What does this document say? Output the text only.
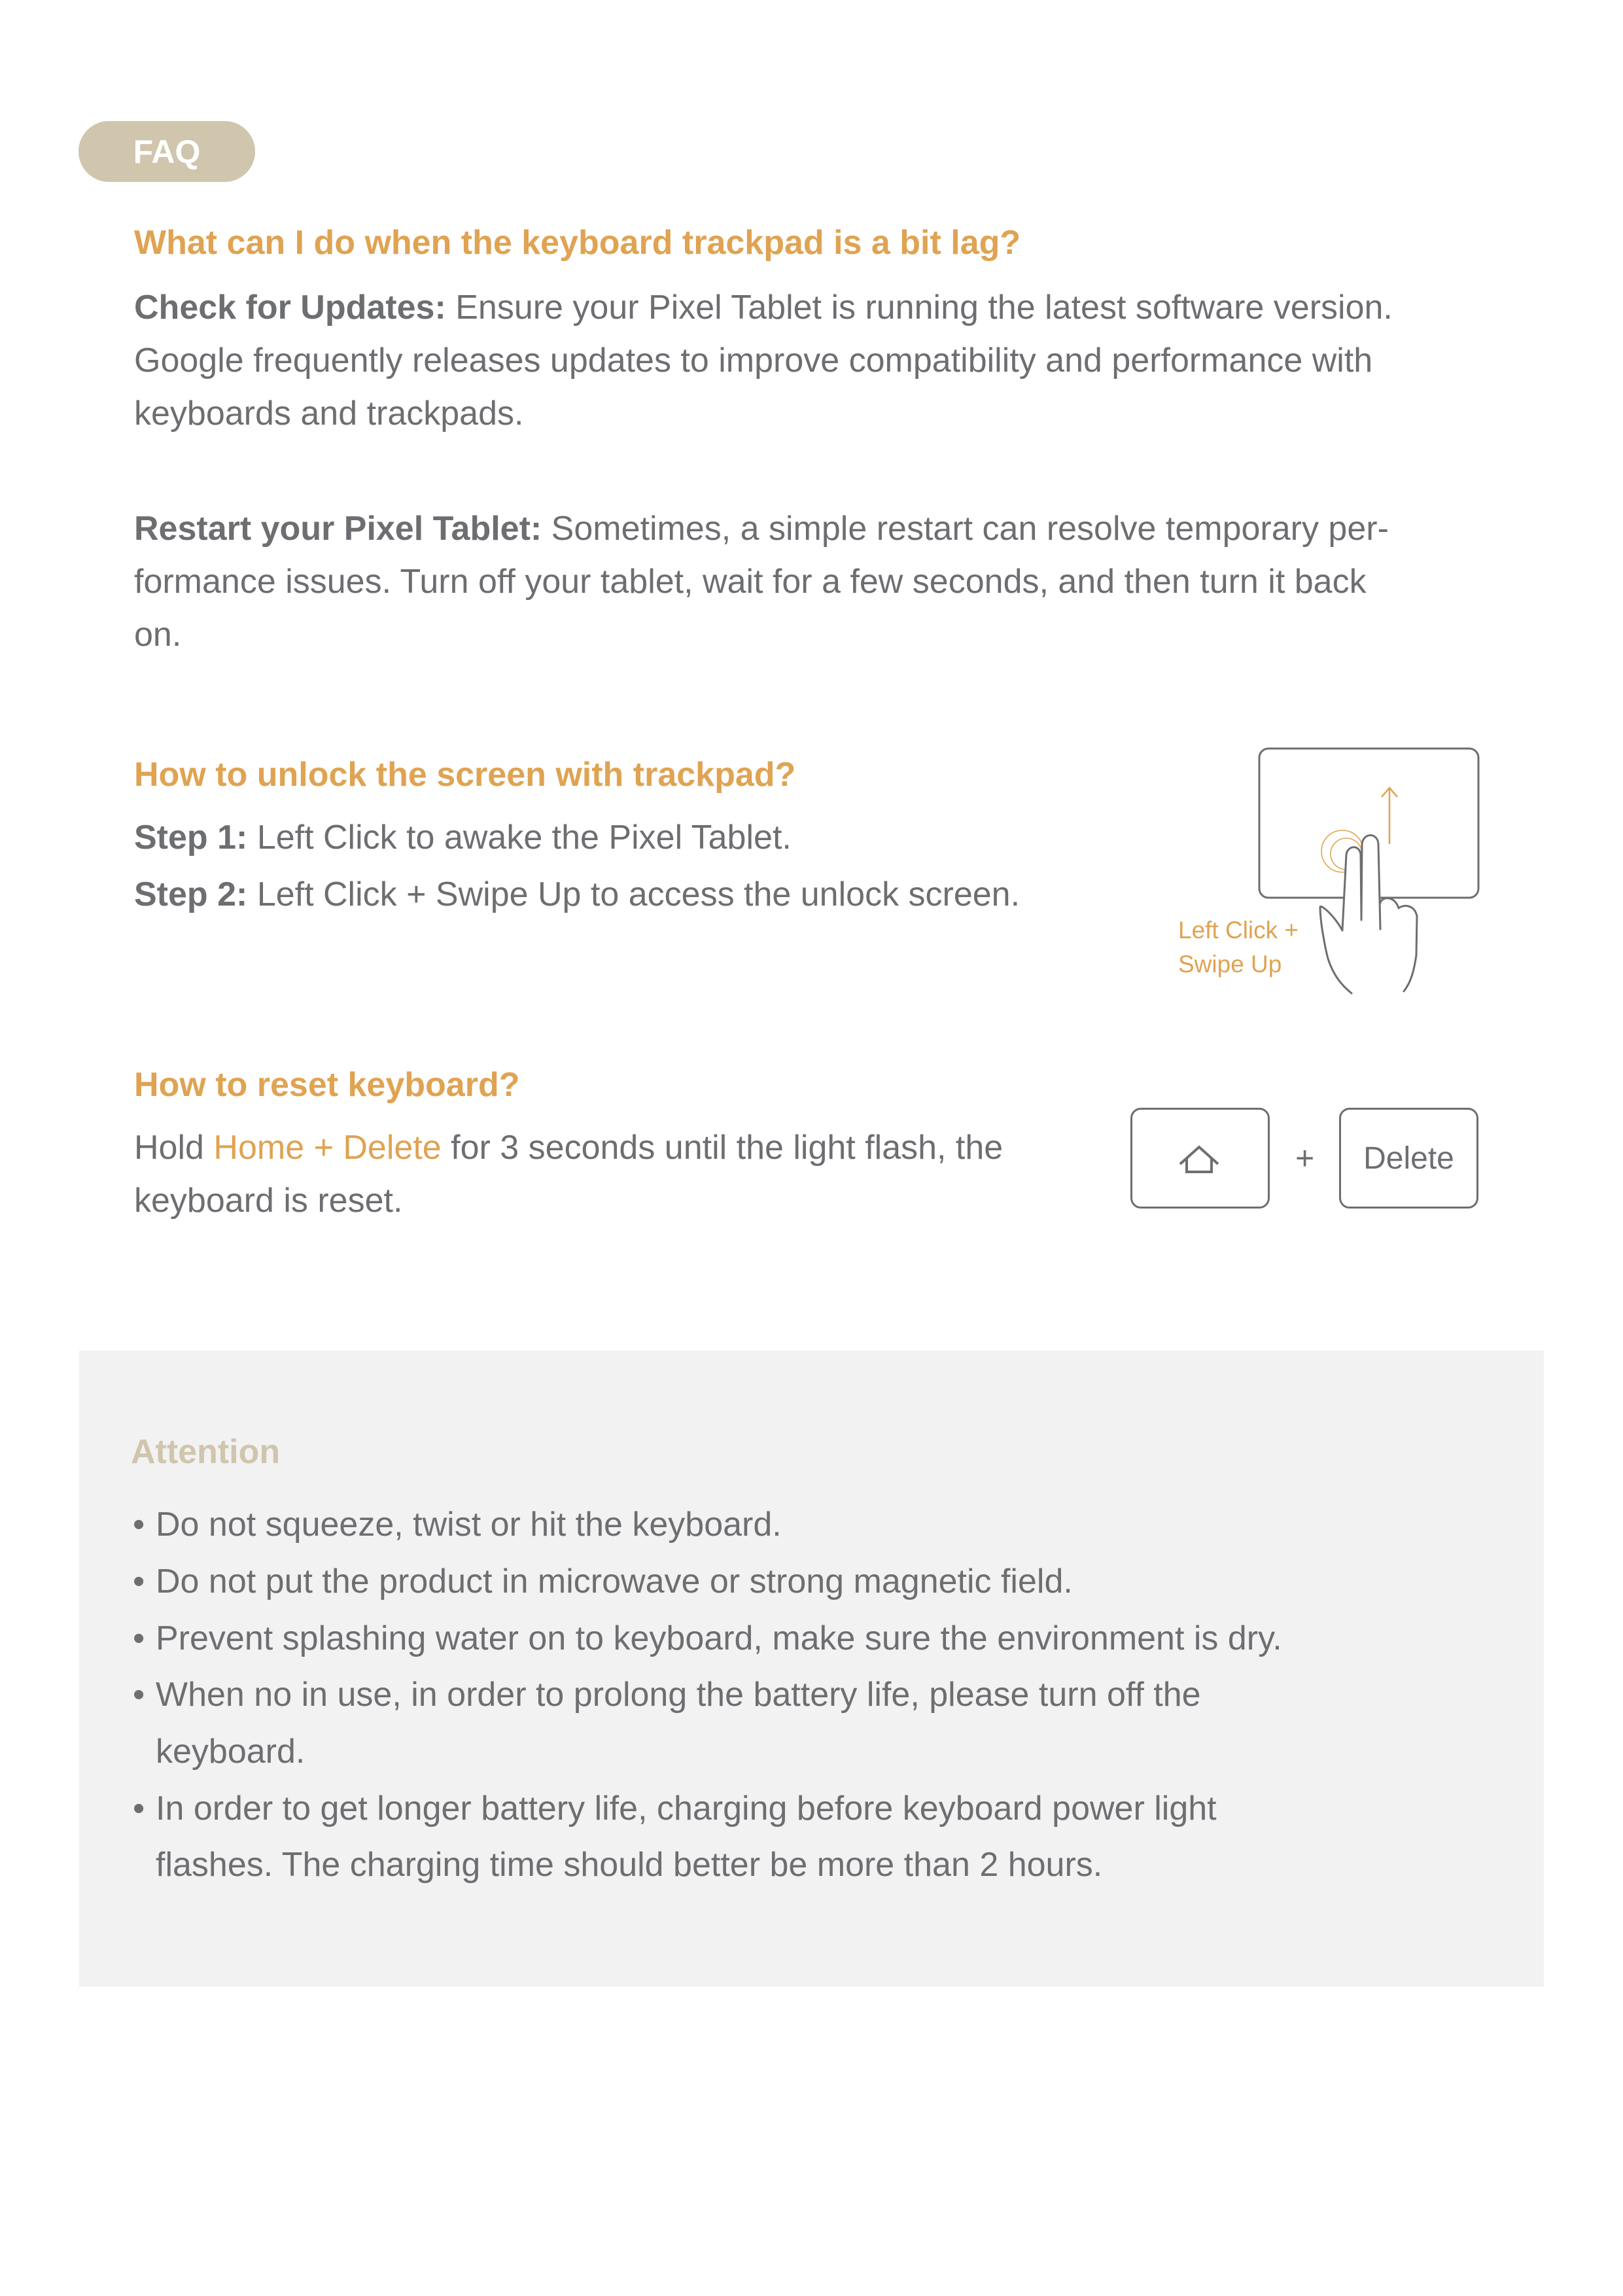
FAQ
What can I do when the keyboard trackpad is a bit lag?
Check for Updates: Ensure your Pixel Tablet is running the latest software version.
Google frequently releases updates to improve compatibility and performance with
keyboards and trackpads.
Restart your Pixel Tablet: Sometimes, a simple restart can resolve temporary per-
formance issues. Turn off your tablet, wait for a few seconds, and then turn it back
on.
How to unlock the screen with trackpad?
Step 1: Left Click to awake the Pixel Tablet.
Step 2: Left Click + Swipe Up to access the unlock screen.
Left Click +
Swipe Up
How to reset keyboard?
Hold Home + Delete for 3 seconds until the light flash, the
keyboard is reset.
+ Delete
Attention
• Do not squeeze, twist or hit the keyboard.
• Do not put the product in microwave or strong magnetic field.
• Prevent splashing water on to keyboard, make sure the environment is dry.
• When no in use, in order to prolong the battery life, please turn off the
keyboard.
• In order to get longer battery life, charging before keyboard power light
flashes. The charging time should better be more than 2 hours.
